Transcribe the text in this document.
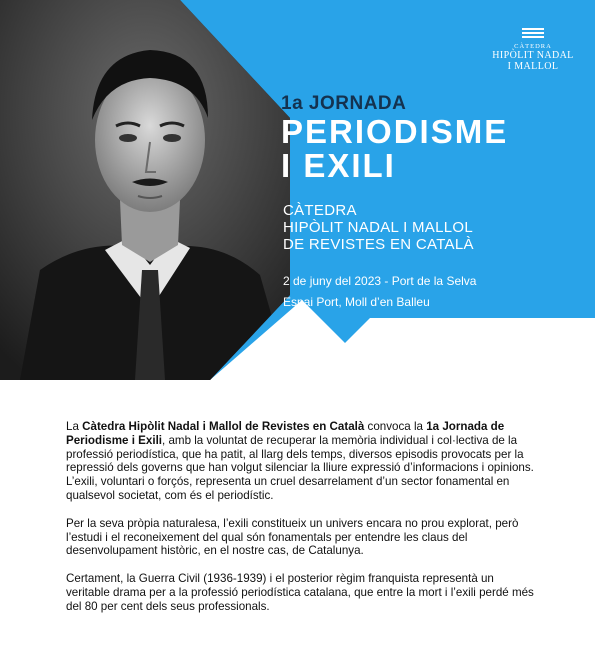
CÀTEDRA
HIPÒLIT NADAL
I MALLOL
1a JORNADA
PERIODISME
I EXILI
CÀTEDRA
HIPÒLIT NADAL I MALLOL
DE REVISTES EN CATALÀ
2 de juny del 2023 - Port de la Selva
Espai Port, Moll d’en Balleu

La Càtedra Hipòlit Nadal i Mallol de Revistes en Català convoca la 1a Jornada de Periodisme i Exili, amb la voluntat de recuperar la memòria individual i col·lectiva de la professió periodística, que ha patit, al llarg dels temps, diversos episodis provocats per la repressió dels governs que han volgut silenciar la lliure expressió d’informacions i opinions. L’exili, voluntari o forçós, representa un cruel desarrelament d’un sector fonamental en qualsevol societat, com és el periodístic.

Per la seva pròpia naturalesa, l’exili constitueix un univers encara no prou explorat, però l’estudi i el reconeixement del qual són fonamentals per entendre les claus del desenvolupament històric, en el nostre cas, de Catalunya.

Certament, la Guerra Civil (1936-1939) i el posterior règim franquista representà un veritable drama per a la professió periodística catalana, que entre la mort i l’exili perdé més del 80 per cent dels seus professionals.
